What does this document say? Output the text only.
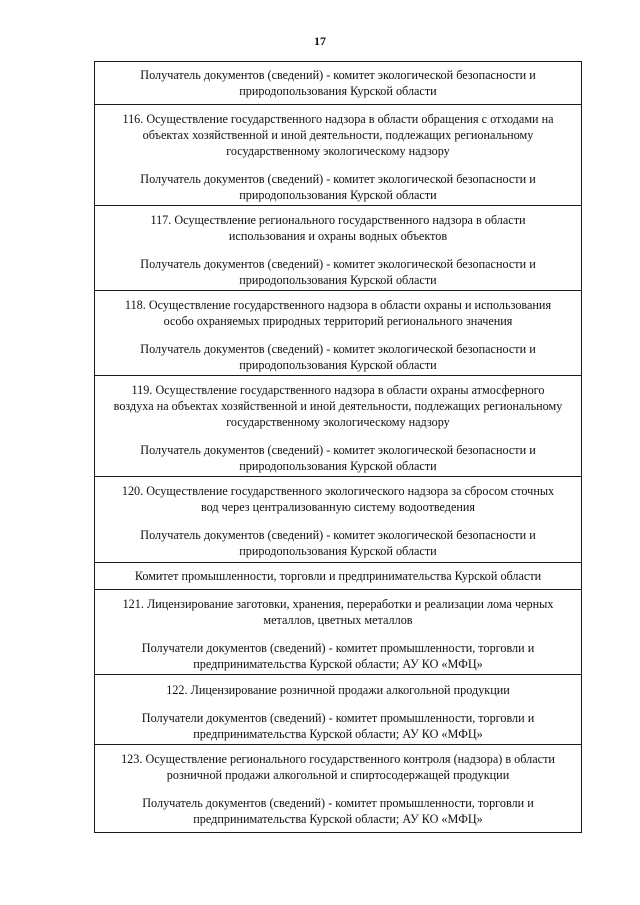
17

Получатель документов (сведений) - комитет экологической безопасности и

природопользования Курской области

116. Осуществление государственного надзора в области обращения с отходами на

объектах хозяйственной и иной деятельности, подлежащих региональному

государственному экологическому надзору

Получатель документов (сведений) - комитет экологической безопасности и

природопользования Курской области

117. Осуществление регионального государственного надзора в области

использования и охраны водных объектов

Получатель документов (сведений) - комитет экологической безопасности и

природопользования Курской области

118. Осуществление государственного надзора в области охраны и использования

особо охраняемых природных территорий регионального значения

Получатель документов (сведений) - комитет экологической безопасности и

природопользования Курской области

119. Осуществление государственного надзора в области охраны атмосферного

воздуха на объектах хозяйственной и иной деятельности, подлежащих региональному

государственному экологическому надзору

Получатель документов (сведений) - комитет экологической безопасности и

природопользования Курской области

120. Осуществление государственного экологического надзора за сбросом сточных

вод через централизованную систему водоотведения

Получатель документов (сведений) - комитет экологической безопасности и

природопользования Курской области

Комитет промышленности, торговли и предпринимательства Курской области

121. Лицензирование заготовки, хранения, переработки и реализации лома черных

металлов, цветных металлов

Получатели документов (сведений) - комитет промышленности, торговли и

предпринимательства Курской области; АУ КО «МФЦ»

122. Лицензирование розничной продажи алкогольной продукции

Получатели документов (сведений) - комитет промышленности, торговли и

предпринимательства Курской области; АУ КО «МФЦ»

123. Осуществление регионального государственного контроля (надзора) в области

розничной продажи алкогольной и спиртосодержащей продукции

Получатель документов (сведений) - комитет промышленности, торговли и

предпринимательства Курской области; АУ КО «МФЦ»
